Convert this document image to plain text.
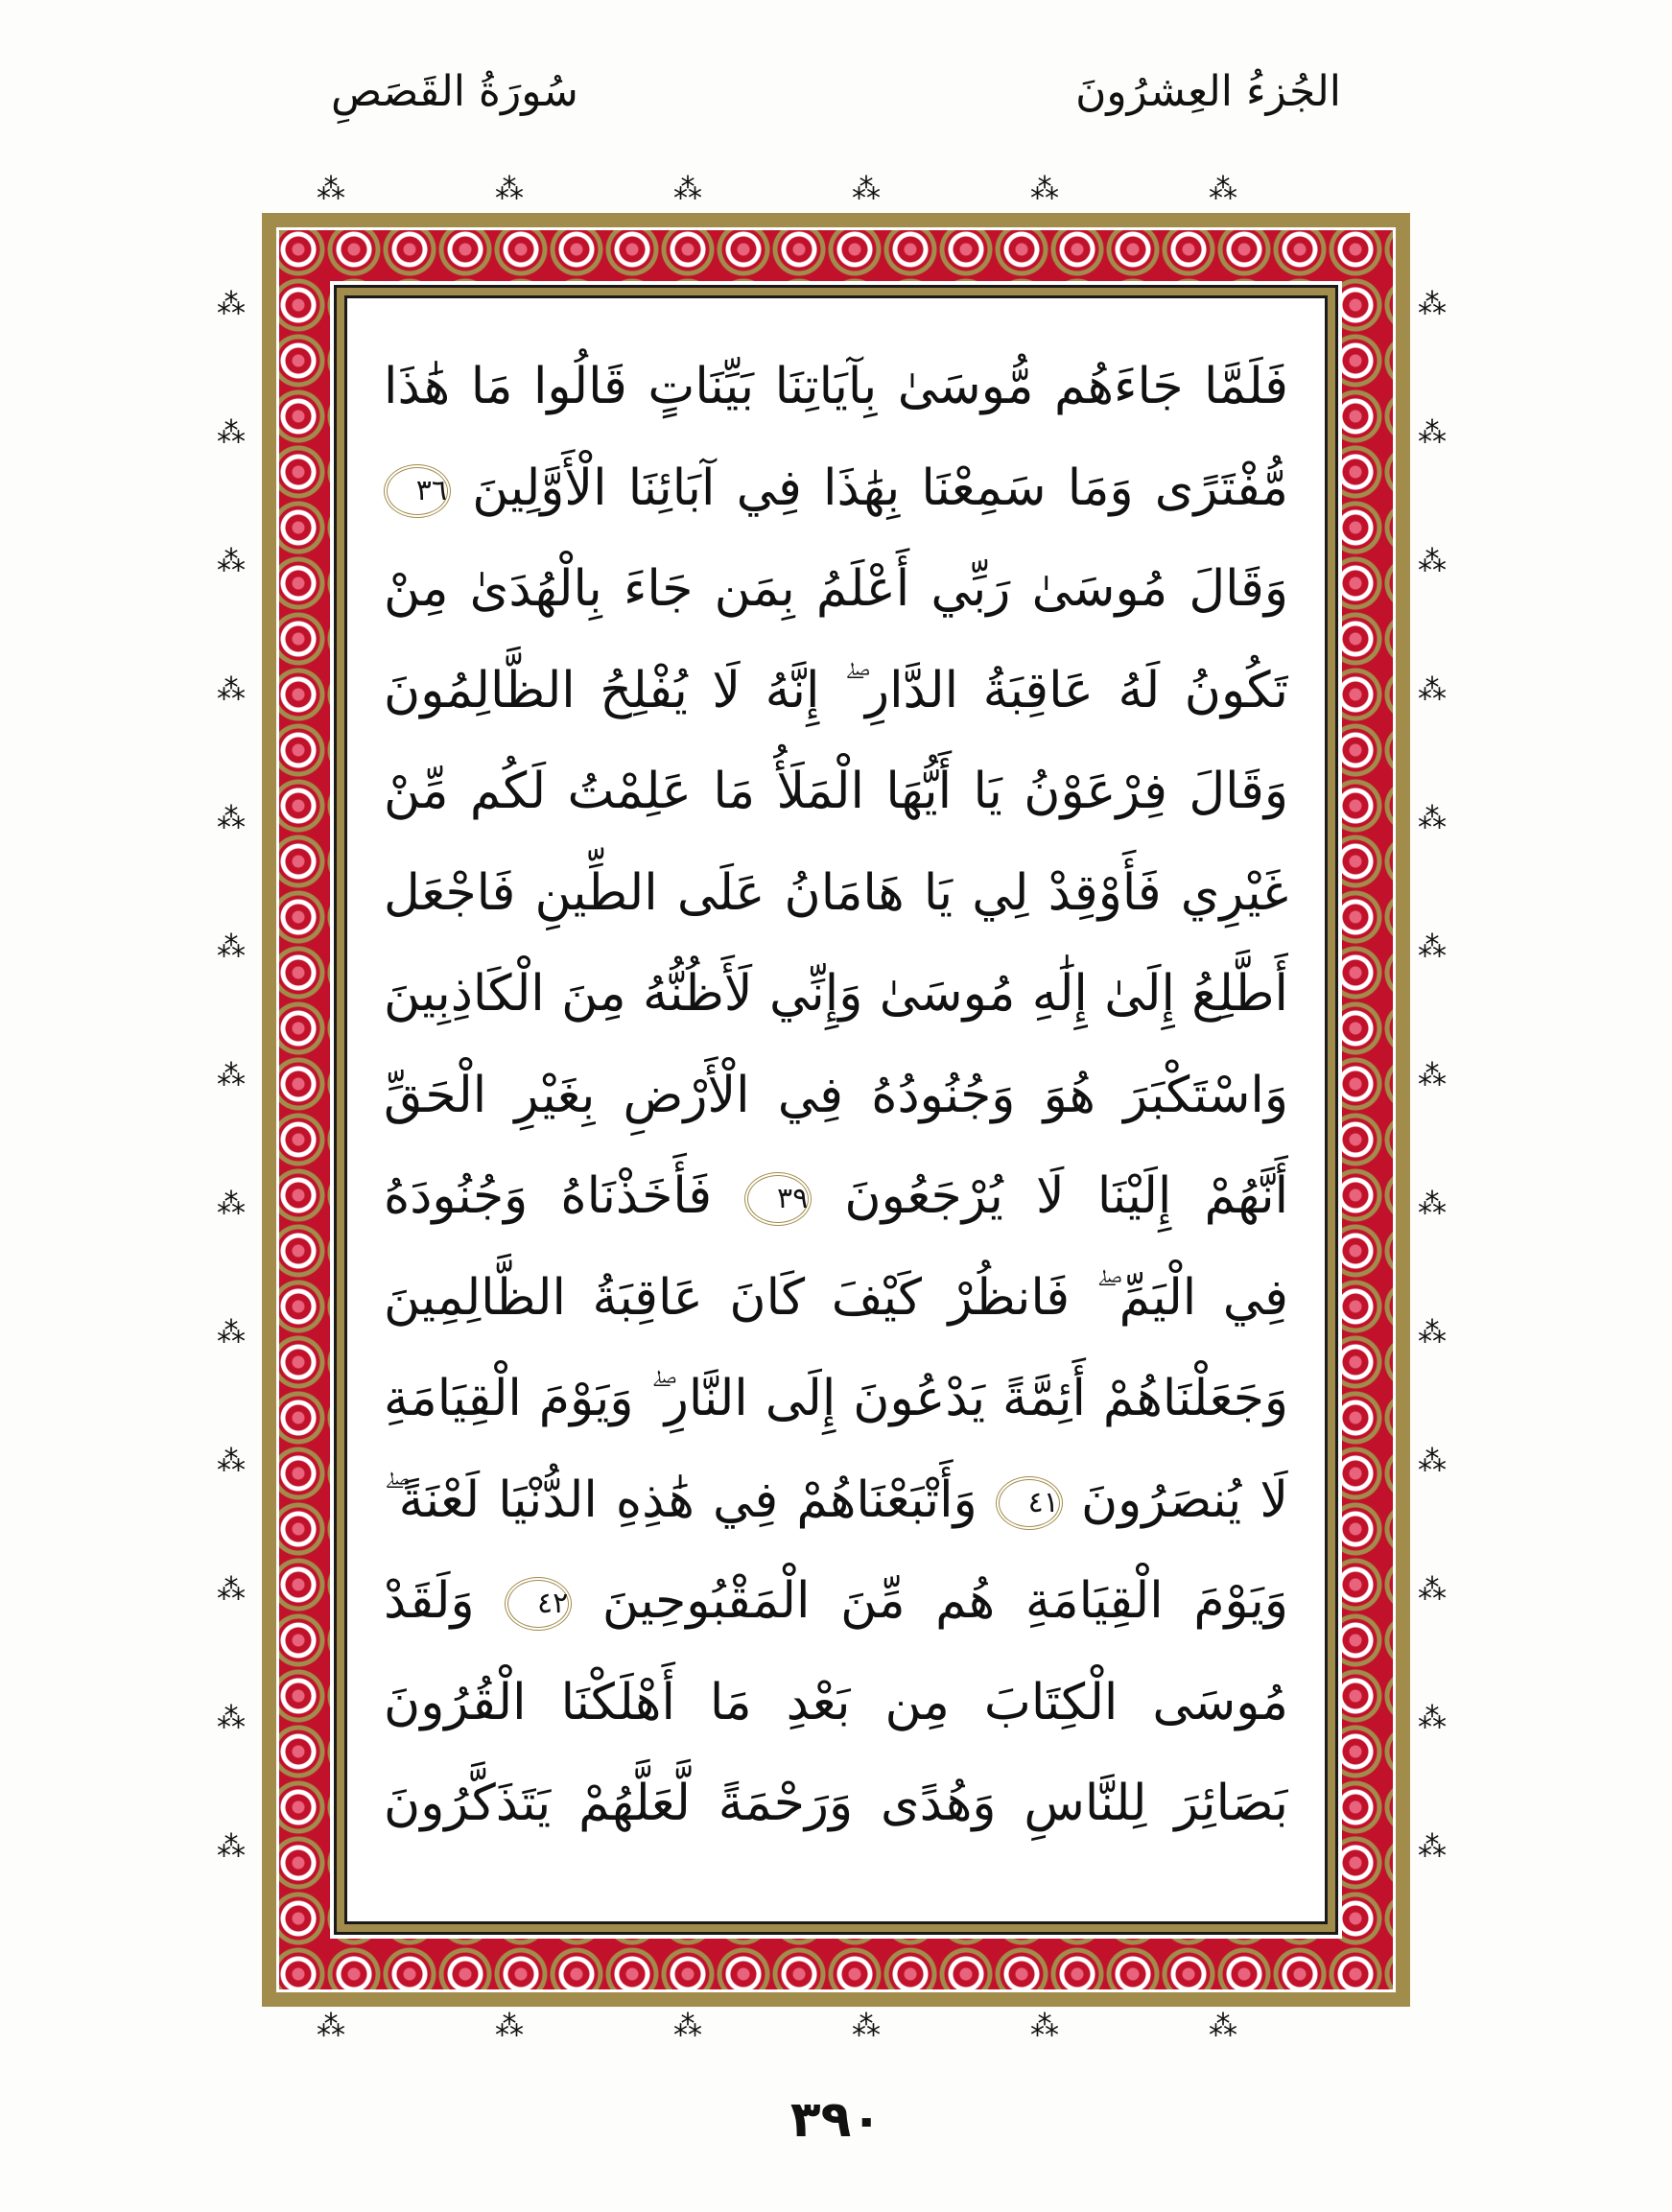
الجُزءُ العِشرُونَ
سُورَةُ القَصَصِ
فَلَمَّا جَاءَهُم مُّوسَىٰ بِآيَاتِنَا بَيِّنَاتٍ قَالُوا مَا هَٰذَا
مُّفْتَرًى وَمَا سَمِعْنَا بِهَٰذَا فِي آبَائِنَا الْأَوَّلِينَ ٣٦
وَقَالَ مُوسَىٰ رَبِّي أَعْلَمُ بِمَن جَاءَ بِالْهُدَىٰ مِنْ
تَكُونُ لَهُ عَاقِبَةُ الدَّارِ ۖ إِنَّهُ لَا يُفْلِحُ الظَّالِمُونَ
وَقَالَ فِرْعَوْنُ يَا أَيُّهَا الْمَلَأُ مَا عَلِمْتُ لَكُم مِّنْ
غَيْرِي فَأَوْقِدْ لِي يَا هَامَانُ عَلَى الطِّينِ فَاجْعَل
أَطَّلِعُ إِلَىٰ إِلَٰهِ مُوسَىٰ وَإِنِّي لَأَظُنُّهُ مِنَ الْكَاذِبِينَ
وَاسْتَكْبَرَ هُوَ وَجُنُودُهُ فِي الْأَرْضِ بِغَيْرِ الْحَقِّ
أَنَّهُمْ إِلَيْنَا لَا يُرْجَعُونَ ٣٩ فَأَخَذْنَاهُ وَجُنُودَهُ
فِي الْيَمِّ ۖ فَانظُرْ كَيْفَ كَانَ عَاقِبَةُ الظَّالِمِينَ
وَجَعَلْنَاهُمْ أَئِمَّةً يَدْعُونَ إِلَى النَّارِ ۖ وَيَوْمَ الْقِيَامَةِ
لَا يُنصَرُونَ ٤١ وَأَتْبَعْنَاهُمْ فِي هَٰذِهِ الدُّنْيَا لَعْنَةً ۖ
وَيَوْمَ الْقِيَامَةِ هُم مِّنَ الْمَقْبُوحِينَ ٤٢ وَلَقَدْ
مُوسَى الْكِتَابَ مِن بَعْدِ مَا أَهْلَكْنَا الْقُرُونَ
بَصَائِرَ لِلنَّاسِ وَهُدًى وَرَحْمَةً لَّعَلَّهُمْ يَتَذَكَّرُونَ
⁂
⁂
⁂
⁂
⁂
⁂
⁂
⁂
⁂
⁂
⁂
⁂
⁂	⁂
⁂	⁂
⁂	⁂
⁂	⁂
⁂	⁂
⁂	⁂
⁂	⁂
⁂	⁂
⁂	⁂
⁂	⁂
⁂	⁂
⁂	⁂
⁂	⁂
٣٩٠
